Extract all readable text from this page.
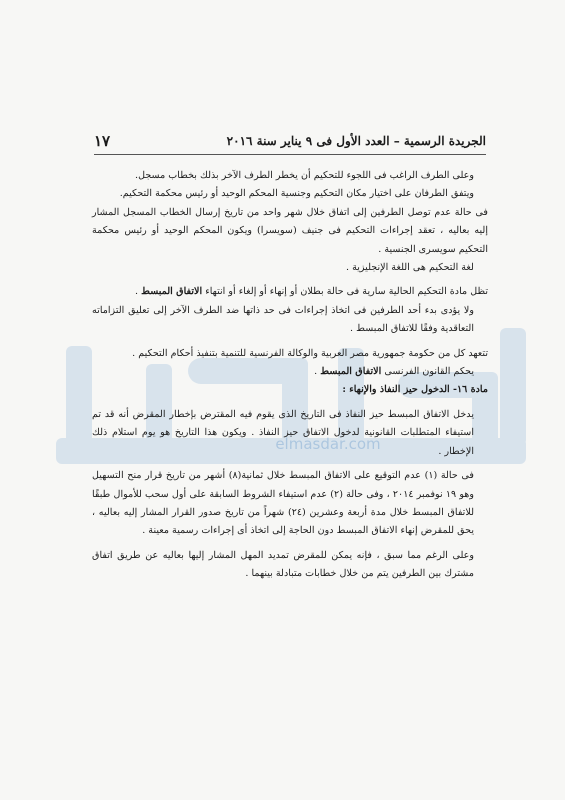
elmasdar.com
الجريدة الرسمية – العدد الأول فى ٩ يناير سنة ٢٠١٦
١٧

وعلى الطرف الراغب فى اللجوء للتحكيم أن يخطر الطرف الآخر بذلك بخطاب مسجل.

ويتفق الطرفان على اختيار مكان التحكيم وجنسية المحكم الوحيد أو رئيس محكمة التحكيم.

فى حالة عدم توصل الطرفين إلى اتفاق خلال شهر واحد من تاريخ إرسال الخطاب المسجل المشار إليه بعاليه ، تعقد إجراءات التحكيم فى جنيف (سويسرا) ويكون المحكم الوحيد أو رئيس محكمة التحكيم سويسرى الجنسية .

لغة التحكيم هى اللغة الإنجليزية .

تظل مادة التحكيم الحالية سارية فى حالة بطلان أو إنهاء أو إلغاء أو انتهاء الاتفاق المبسط .

ولا يؤدى بدء أحد الطرفين فى اتخاذ إجراءات فى حد ذاتها ضد الطرف الآخر إلى تعليق التزاماته التعاقدية وفقًا للاتفاق المبسط .

تتعهد كل من حكومة جمهورية مصر العربية والوكالة الفرنسية للتنمية بتنفيذ أحكام التحكيم .

يحكم القانون الفرنسى الاتفاق المبسط .

مادة ١٦- الدخول حيز النفاذ والإنهاء :

يدخل الاتفاق المبسط حيز النفاذ فى التاريخ الذى يقوم فيه المقترض بإخطار المقرض أنه قد تم استيفاء المتطلبات القانونية لدخول الاتفاق حيز النفاذ . ويكون هذا التاريخ هو يوم استلام ذلك الإخطار .

فى حالة (١) عدم التوقيع على الاتفاق المبسط خلال ثمانية(٨) أشهر من تاريخ قرار منح التسهيل وهو ١٩ نوفمبر ٢٠١٤ ، وفى حالة (٢) عدم استيفاء الشروط السابقة على أول سحب للأموال طبقًا للاتفاق المبسط خلال مدة أربعة وعشرين (٢٤) شهراً من تاريخ صدور القرار المشار إليه بعاليه ، يحق للمقرض إنهاء الاتفاق المبسط دون الحاجة إلى اتخاذ أى إجراءات رسمية معينة .

وعلى الرغم مما سبق ، فإنه يمكن للمقرض تمديد المهل المشار إليها بعاليه عن طريق اتفاق مشترك بين الطرفين يتم من خلال خطابات متبادلة بينهما .
